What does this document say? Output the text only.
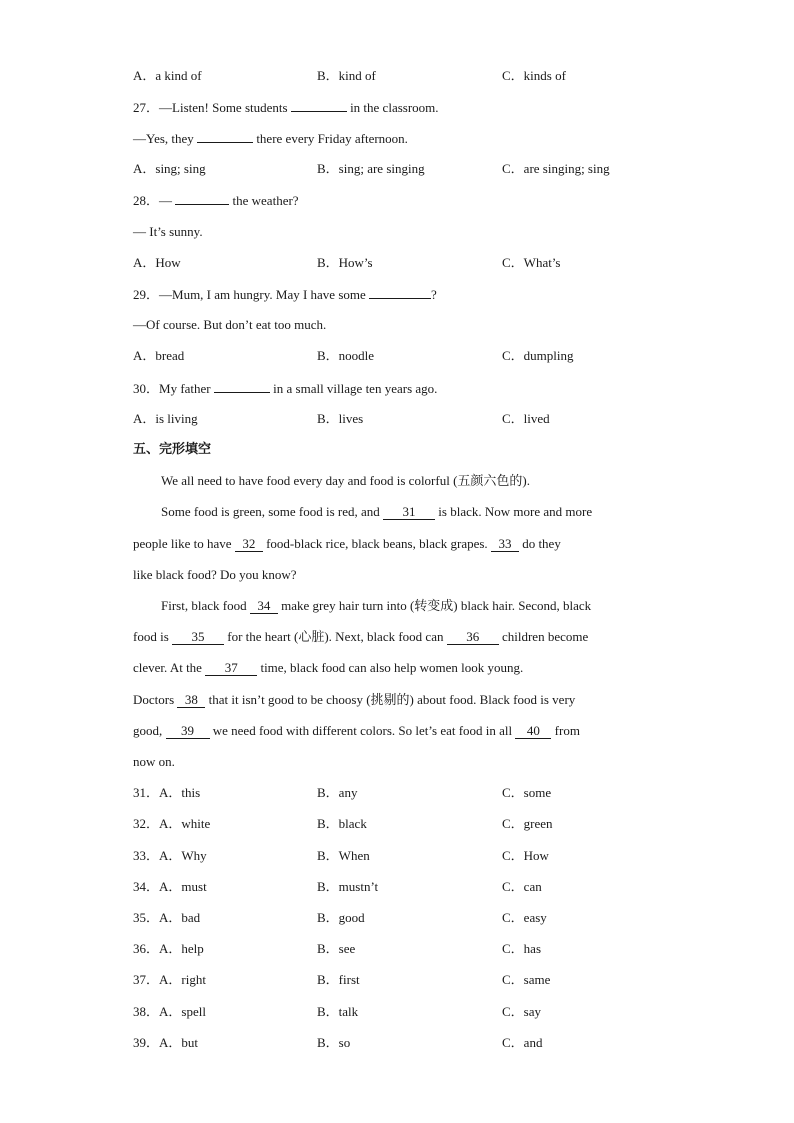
A．a kind of	B．kind of	C．kinds of
27．—Listen! Some students	in the classroom.
—Yes, they	there every Friday afternoon.
A．sing; sing	B．sing; are singing	C．are singing; sing
28．—	the weather?
— It’s sunny.
A．How	B．How’s	C．What’s
29．—Mum, I am hungry. May I have some	?
—Of course. But don’t eat too much.
A．bread	B．noodle	C．dumpling
30．My father	in a small village ten years ago.
A．is living	B．lives	C．lived
五、完形填空
We all need to have food every day and food is colorful (五颜六色的).
Some food is green, some food is red, and 31 is black. Now more and more
people like to have 32 food-black rice, black beans, black grapes. 33 do they
like black food? Do you know?
First, black food 34 make grey hair turn into (转变成) black hair. Second, black
food is 35 for the heart (心脏). Next, black food can 36 children become
clever. At the 37 time, black food can also help women look young.
Doctors 38 that it isn’t good to be choosy (挑剔的) about food. Black food is very
good, 39 we need food with different colors. So let’s eat food in all 40 from
now on.
31．A．this	B．any	C．some
32．A．white	B．black	C．green
33．A．Why	B．When	C．How
34．A．must	B．mustn’t	C．can
35．A．bad	B．good	C．easy
36．A．help	B．see	C．has
37．A．right	B．first	C．same
38．A．spell	B．talk	C．say
39．A．but	B．so	C．and
